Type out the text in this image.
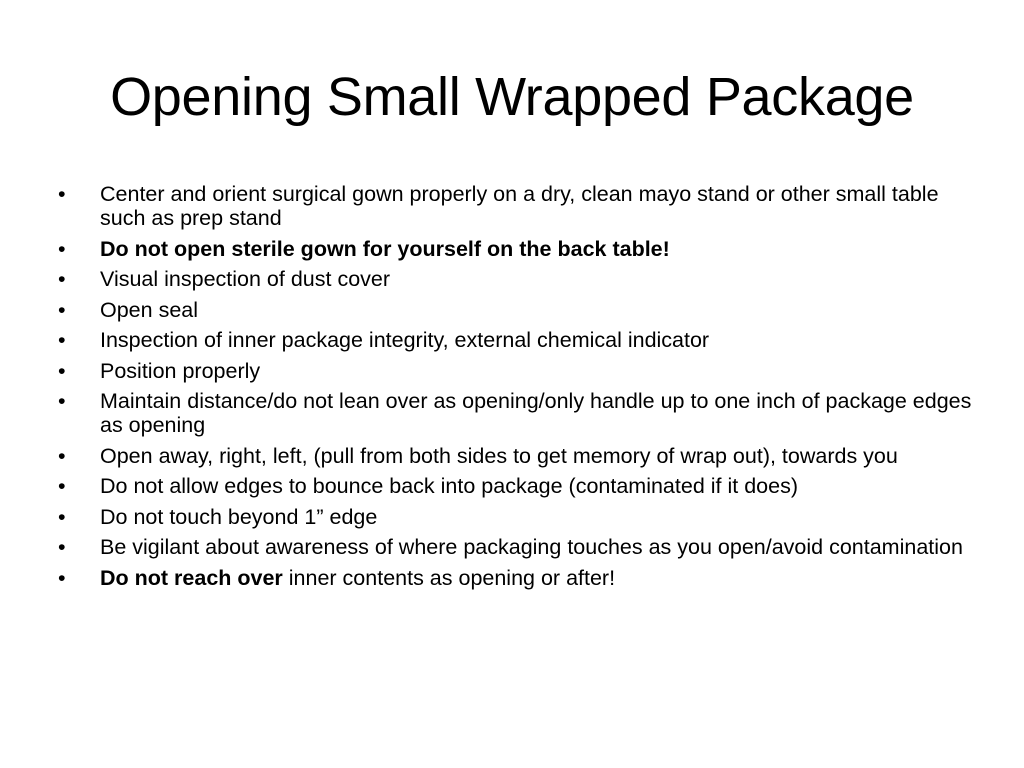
Opening Small Wrapped Package
•	Center and orient surgical gown properly on a dry, clean mayo stand or other small table such as prep stand
•	Do not open sterile gown for yourself on the back table!
•	Visual inspection of dust cover
•	Open seal
•	Inspection of inner package integrity, external chemical indicator
•	Position properly
•	Maintain distance/do not lean over as opening/only handle up to one inch of package edges as opening
•	Open away, right, left, (pull from both sides to get memory of wrap out), towards you
•	Do not allow edges to bounce back into package (contaminated if it does)
•	Do not touch beyond 1” edge
•	Be vigilant about awareness of where packaging touches as you open/avoid contamination
•	Do not reach over inner contents as opening or after!
